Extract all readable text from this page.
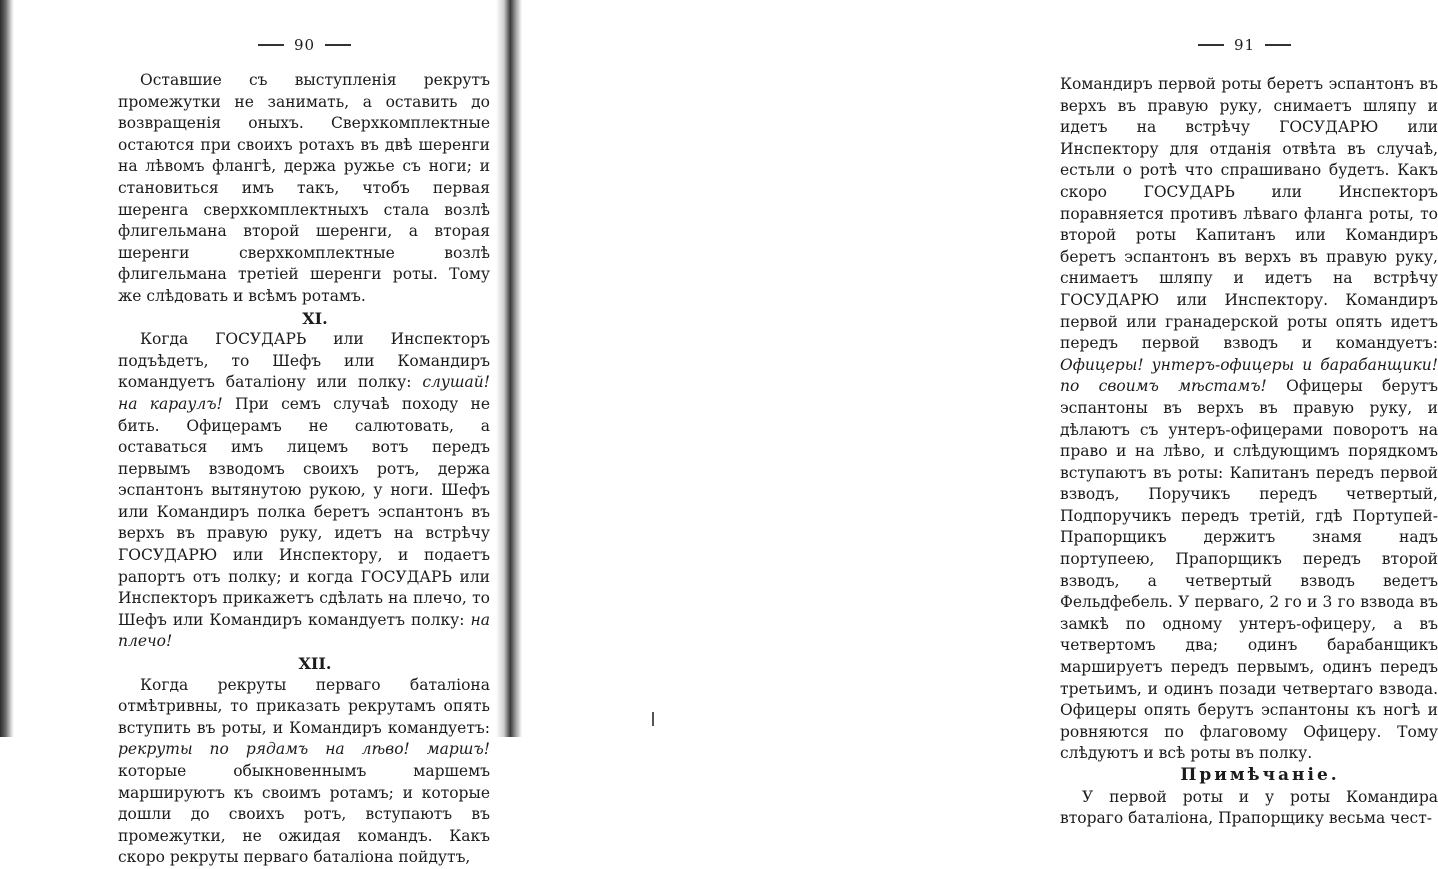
90

Оставшие съ выступленія рекрутъ промежутки не занимать, а оставить до возвращенія оныхъ. Сверхкомплектные остаются при своихъ ротахъ въ двѣ шеренги на лѣвомъ флангѣ, держа ружье съ ноги; и становиться имъ такъ, чтобъ первая шеренга сверхкомплектныхъ стала возлѣ флигельмана второй шеренги, а вторая шеренги сверхкомплектные возлѣ флигельмана третiей шеренги роты. Тому же слѣдовать и всѣмъ ротамъ.

XI.

Когда ГОСУДАРЬ или Инспекторъ подъѣдетъ, то Шефъ или Командиръ командуетъ баталiону или полку: слушай! на караулъ! При семъ случаѣ походу не бить. Офицерамъ не салютовать, а оставаться имъ лицемъ вотъ передъ первымъ взводомъ своихъ ротъ, держа эспантонъ вытянутою рукою, у ноги. Шефъ или Командиръ полка беретъ эспантонъ въ верхъ въ правую руку, идетъ на встрѣчу ГОСУДАРЮ или Инспектору, и подаетъ рапортъ отъ полку; и когда ГОСУДАРЬ или Инспекторъ прикажетъ сдѣлать на плечо, то Шефъ или Командиръ командуетъ полку: на плечо!

XII.

Когда рекруты перваго баталiона отмѣтривны, то приказать рекрутамъ опять вступить въ роты, и Командиръ командуетъ: рекруты по рядамъ на лѣво! маршъ! которые обыкновеннымъ маршемъ маршируютъ къ своимъ ротамъ; и которые дошли до своихъ ротъ, вступаютъ въ промежутки, не ожидая командъ. Какъ скоро рекруты перваго баталiона пойдутъ,

91

Командиръ первой роты беретъ эспантонъ въ верхъ въ правую руку, снимаетъ шляпу и идетъ на встрѣчу ГОСУДАРЮ или Инспектору для отданія отвѣта въ случаѣ, естьли о ротѣ что спрашивано будетъ. Какъ скоро ГОСУДАРЬ или Инспекторъ поравняется противъ лѣваго фланга роты, то второй роты Капитанъ или Командиръ беретъ эспантонъ въ верхъ въ правую руку, снимаетъ шляпу и идетъ на встрѣчу ГОСУДАРЮ или Инспектору. Командиръ первой или гранадерской роты опять идетъ передъ первой взводъ и командуетъ: Офицеры! унтеръ-офицеры и барабанщики! по своимъ мѣстамъ! Офицеры берутъ эспантоны въ верхъ въ правую руку, и дѣлаютъ съ унтеръ-офицерами поворотъ на право и на лѣво, и слѣдующимъ порядкомъ вступаютъ въ роты: Капитанъ передъ первой взводъ, Поручикъ передъ четвертый, Подпоручикъ передъ третiй, гдѣ Портупей-Прапорщикъ держитъ знамя надъ портупеею, Прапорщикъ передъ второй взводъ, а четвертый взводъ ведетъ Фельдфебель. У перваго, 2 го и 3 го взвода въ замкѣ по одному унтеръ-офицеру, а въ четвертомъ два; одинъ барабанщикъ маршируетъ передъ первымъ, одинъ передъ третьимъ, и одинъ позади четвертаго взвода. Офицеры опять берутъ эспантоны къ ногѣ и ровняются по флаговому Офицеру. Тому слѣдуютъ и всѣ роты въ полку.

Примѣчаніе.

У первой роты и у роты Командира втораго баталiона, Прапорщику весьма чест-
